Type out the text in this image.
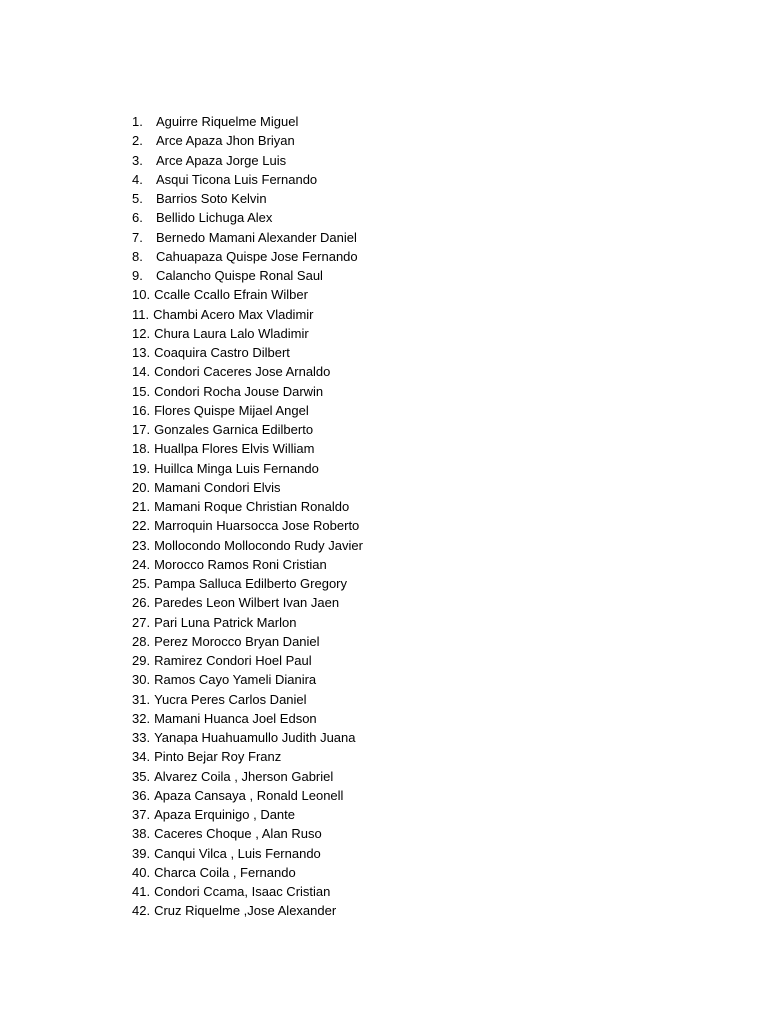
1.	Aguirre Riquelme Miguel
2.	Arce Apaza Jhon Briyan
3.	Arce Apaza Jorge Luis
4.	Asqui Ticona Luis Fernando
5.	Barrios Soto Kelvin
6.	Bellido Lichuga Alex
7.	Bernedo Mamani Alexander Daniel
8.	Cahuapaza Quispe Jose Fernando
9.	Calancho Quispe Ronal Saul
10. Ccalle Ccallo Efrain Wilber
11. Chambi Acero Max Vladimir
12. Chura Laura Lalo Wladimir
13. Coaquira Castro Dilbert
14. Condori Caceres Jose Arnaldo
15. Condori Rocha Jouse Darwin
16. Flores Quispe Mijael Angel
17. Gonzales Garnica Edilberto
18. Huallpa Flores Elvis William
19. Huillca Minga Luis Fernando
20. Mamani Condori Elvis
21. Mamani Roque Christian Ronaldo
22. Marroquin Huarsocca Jose Roberto
23. Mollocondo Mollocondo Rudy Javier
24. Morocco Ramos Roni Cristian
25. Pampa Salluca Edilberto Gregory
26. Paredes Leon Wilbert Ivan Jaen
27. Pari Luna Patrick Marlon
28. Perez Morocco Bryan Daniel
29. Ramirez Condori Hoel Paul
30. Ramos Cayo Yameli Dianira
31. Yucra Peres Carlos Daniel
32. Mamani Huanca Joel Edson
33. Yanapa Huahuamullo Judith Juana
34. Pinto Bejar Roy Franz
35. Alvarez Coila , Jherson Gabriel
36. Apaza Cansaya , Ronald Leonell
37. Apaza Erquinigo , Dante
38. Caceres Choque , Alan Ruso
39. Canqui Vilca , Luis Fernando
40. Charca Coila , Fernando
41. Condori Ccama, Isaac Cristian
42. Cruz Riquelme ,Jose Alexander
